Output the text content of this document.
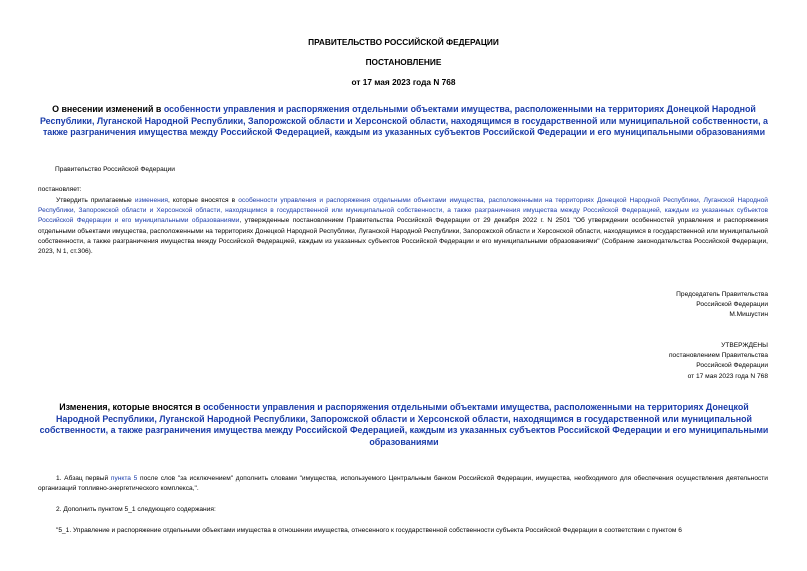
ПРАВИТЕЛЬСТВО РОССИЙСКОЙ ФЕДЕРАЦИИ
ПОСТАНОВЛЕНИЕ
от 17 мая 2023 года N 768
О внесении изменений в особенности управления и распоряжения отдельными объектами имущества, расположенными на территориях Донецкой Народной Республики, Луганской Народной Республики, Запорожской области и Херсонской области, находящимся в государственной или муниципальной собственности, а также разграничения имущества между Российской Федерацией, каждым из указанных субъектов Российской Федерации и его муниципальными образованиями
Правительство Российской Федерации
постановляет:
Утвердить прилагаемые изменения, которые вносятся в особенности управления и распоряжения отдельными объектами имущества, расположенными на территориях Донецкой Народной Республики, Луганской Народной Республики, Запорожской области и Херсонской области, находящимся в государственной или муниципальной собственности, а также разграничения имущества между Российской Федерацией, каждым из указанных субъектов Российской Федерации и его муниципальными образованиями, утвержденные постановлением Правительства Российской Федерации от 29 декабря 2022 г. N 2501 "Об утверждении особенностей управления и распоряжения отдельными объектами имущества, расположенными на территориях Донецкой Народной Республики, Луганской Народной Республики, Запорожской области и Херсонской области, находящимся в государственной или муниципальной собственности, а также разграничения имущества между Российской Федерацией, каждым из указанных субъектов Российской Федерации и его муниципальными образованиями" (Собрание законодательства Российской Федерации, 2023, N 1, ст.306).

Председатель Правительства

Российской Федерации

М.Мишустин

УТВЕРЖДЕНЫ

постановлением Правительства

Российской Федерации

от 17 мая 2023 года N 768

Изменения, которые вносятся в особенности управления и распоряжения отдельными объектами имущества, расположенными на территориях Донецкой Народной Республики, Луганской Народной Республики, Запорожской области и Херсонской области, находящимся в государственной или муниципальной собственности, а также разграничения имущества между Российской Федерацией, каждым из указанных субъектов Российской Федерации и его муниципальными образованиями
1. Абзац первый пункта 5 после слов "за исключением" дополнить словами "имущества, используемого Центральным банком Российской Федерации, имущества, необходимого для обеспечения осуществления деятельности организаций топливно-энергетического комплекса,".
2. Дополнить пунктом 5_1 следующего содержания:
"5_1. Управление и распоряжение отдельными объектами имущества в отношении имущества, отнесенного к государственной собственности субъекта Российской Федерации в соответствии с пунктом 6
